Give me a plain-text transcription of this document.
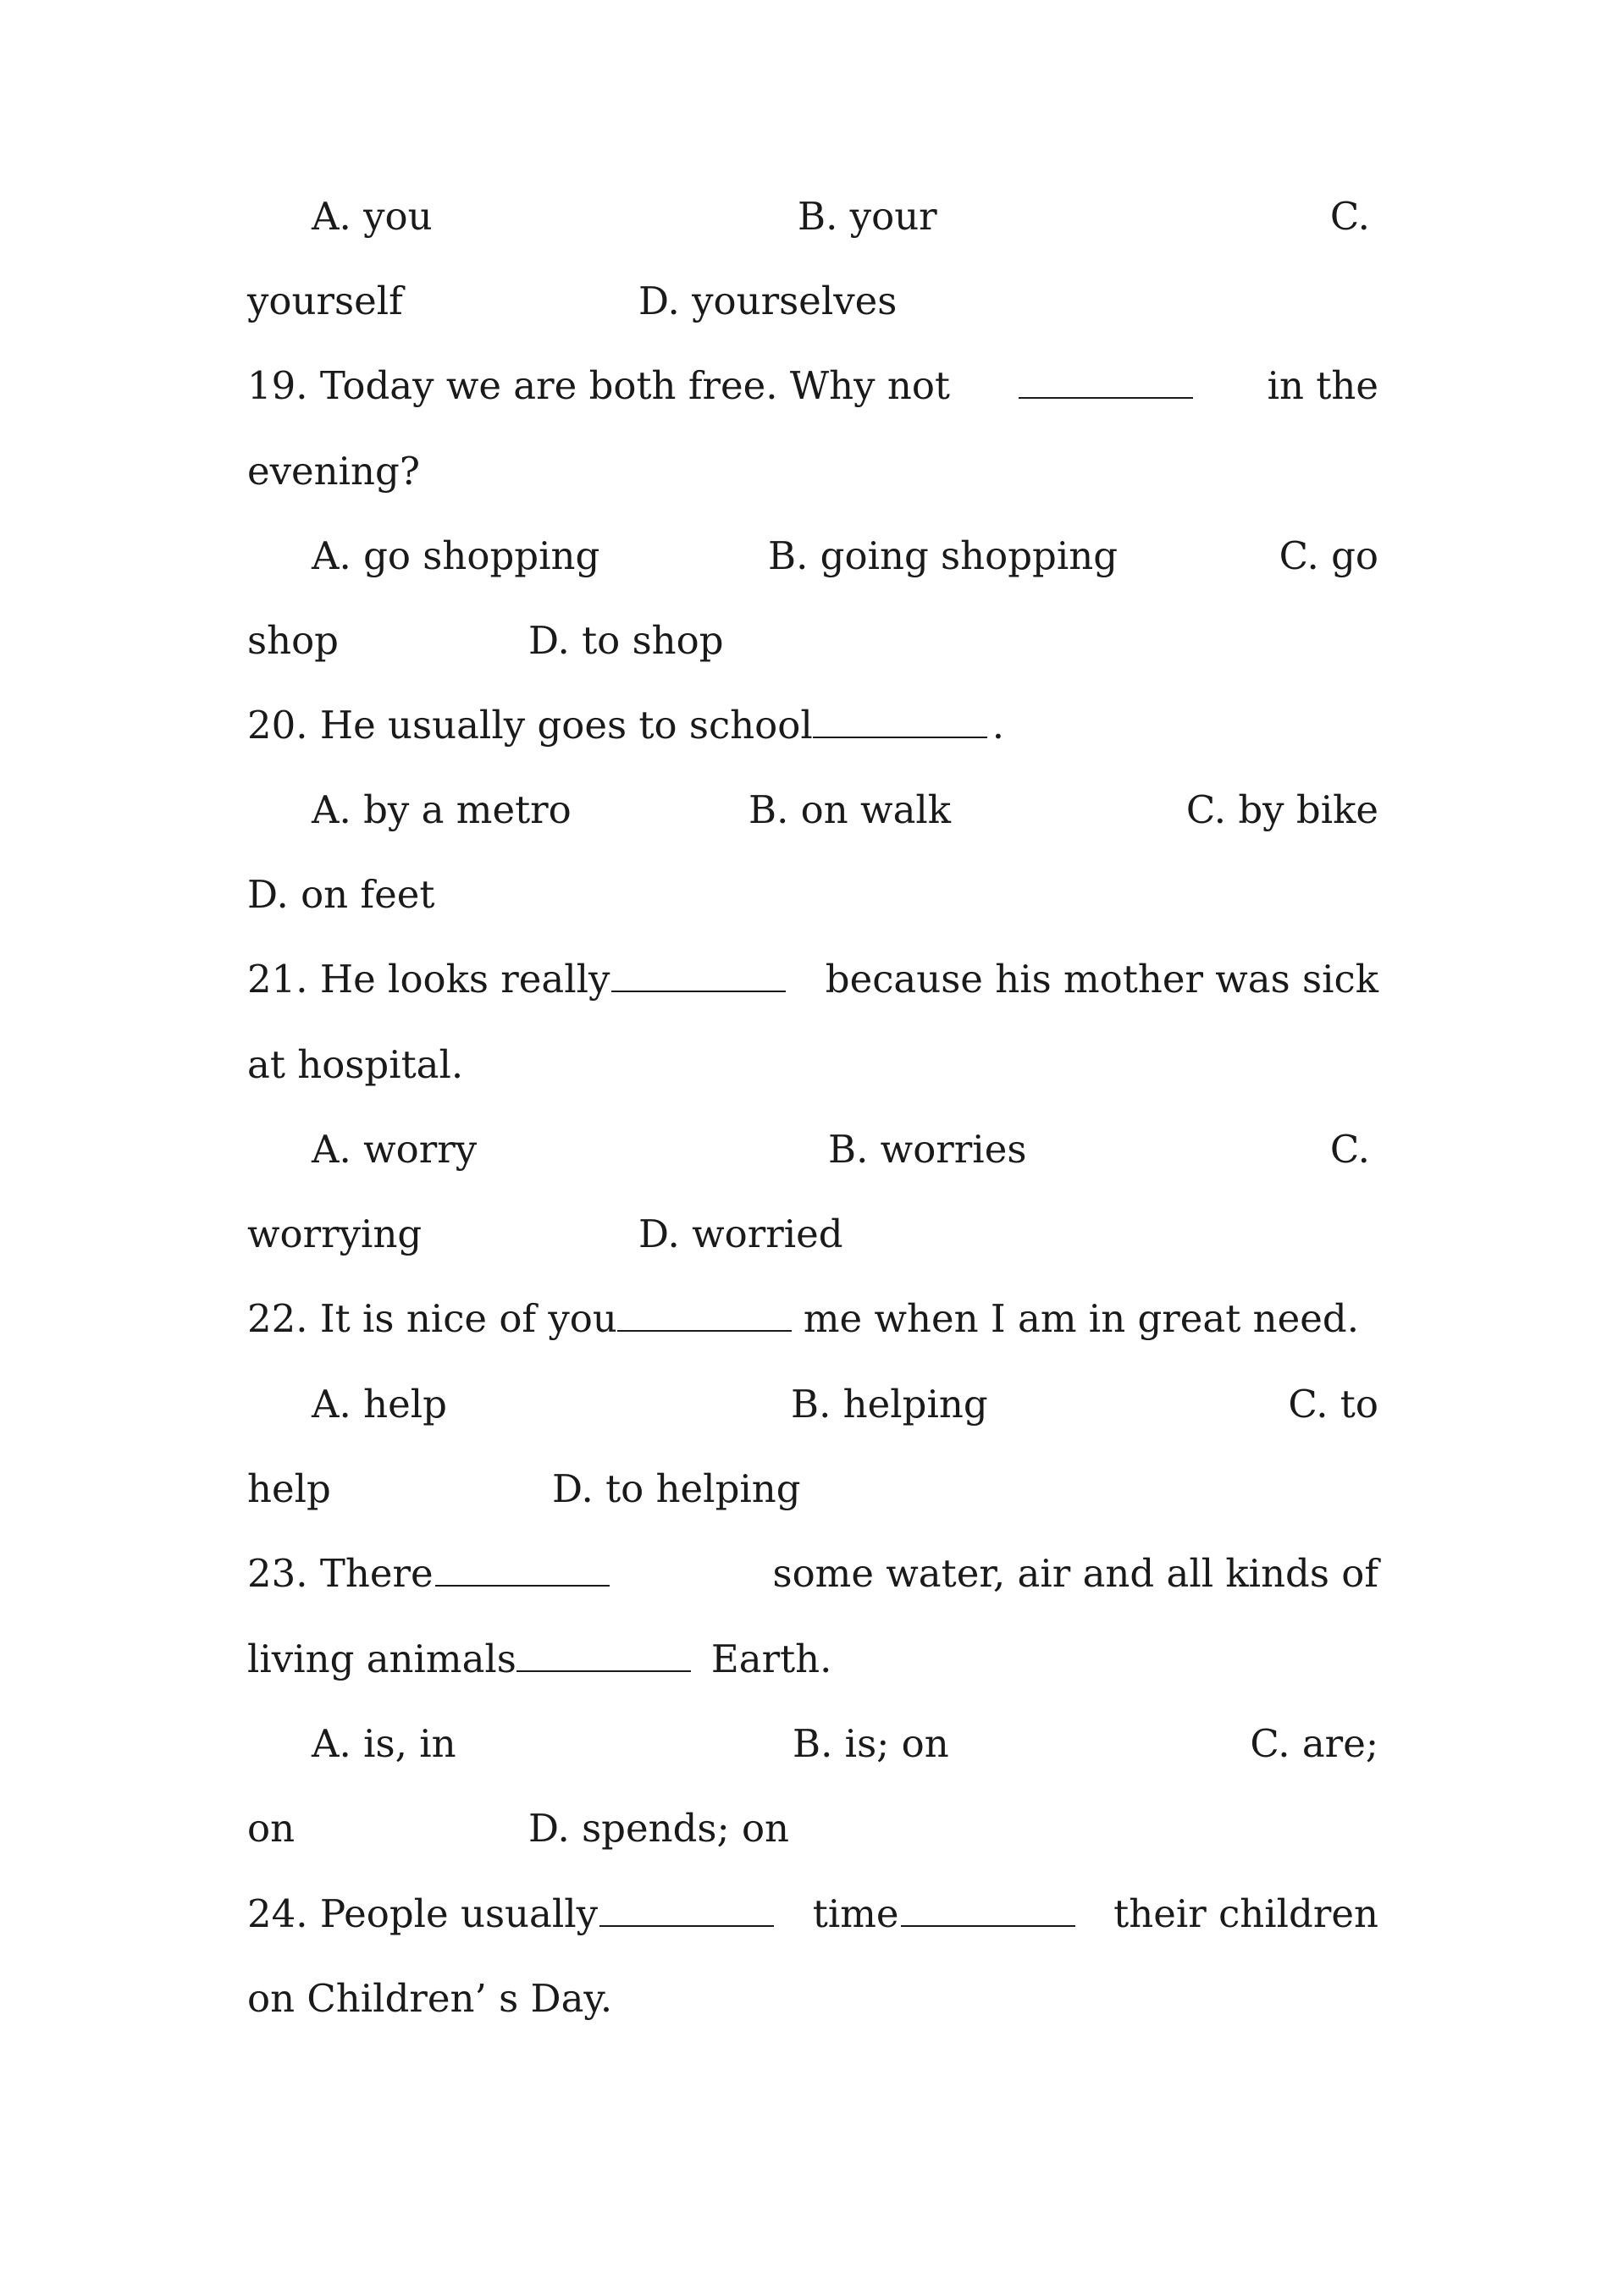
A. you	B. your	C.
yourself	D. yourselves
19. Today we are both free. Why not	in the
evening?
A. go shopping	B. going shopping	C. go
shop	D. to shop
20. He usually goes to school	.
A. by a metro	B. on walk	C. by bike
D. on feet
21. He looks really	because his mother was sick
at hospital.
A. worry	B. worries	C.
worrying	D. worried
22. It is nice of you	me when I am in great need.
A. help	B. helping	C. to
help	D. to helping
23. There	some water, air and all kinds of
living animals	Earth.
A. is, in	B. is; on	C. are;
on	D. spends; on
24. People usually	time	their children
on Children’ s Day.
